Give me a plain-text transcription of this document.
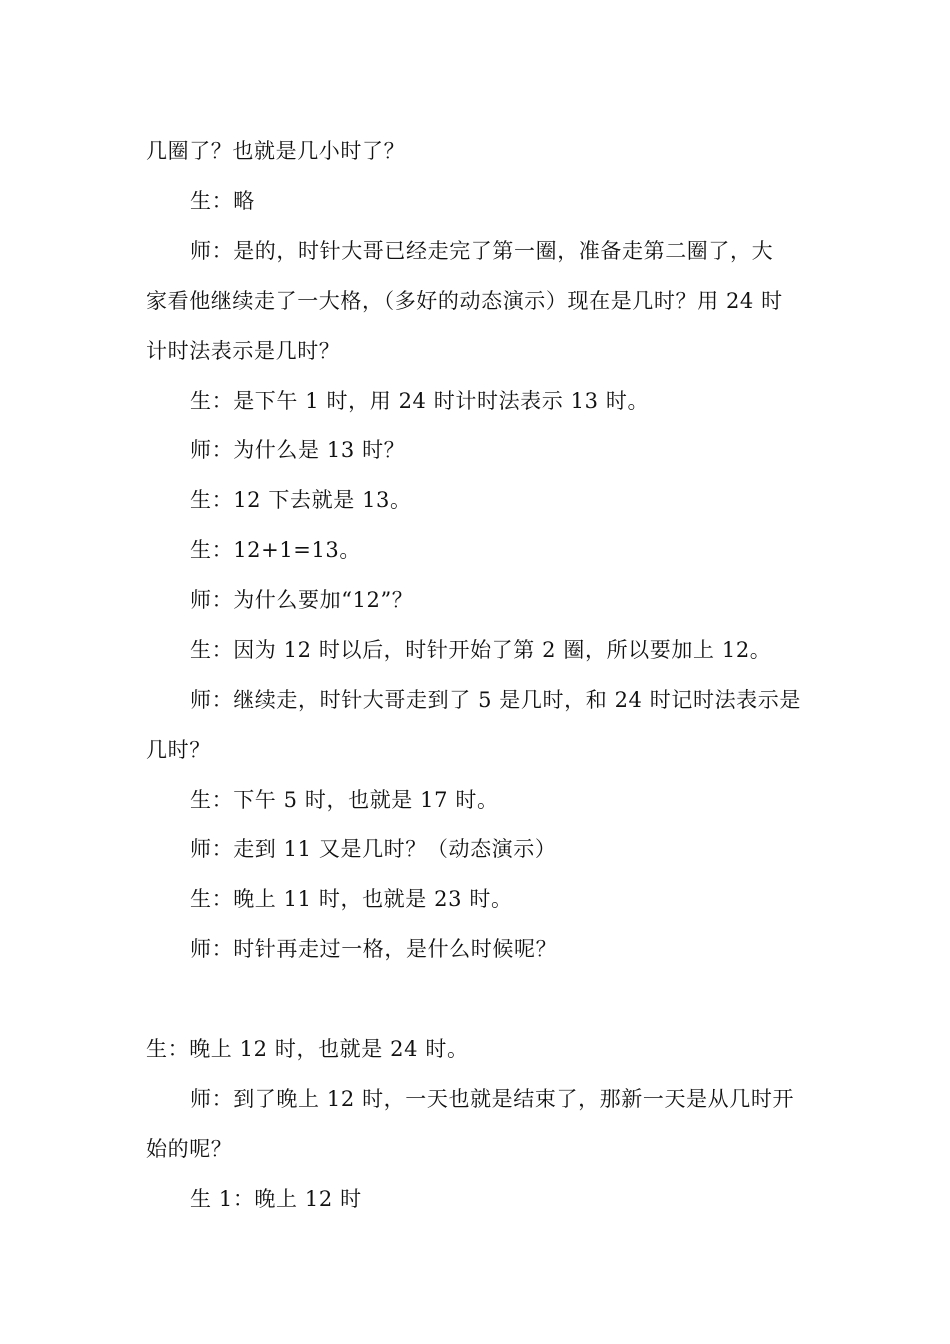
几圈了？也就是几小时了？
生：略
师：是的，时针大哥已经走完了第一圈，准备走第二圈了，大
家看他继续走了一大格，（多好的动态演示）现在是几时？用 24 时
计时法表示是几时？
生：是下午 1 时，用 24 时计时法表示 13 时。
师：为什么是 13 时？
生：12 下去就是 13。
生：12+1=13。
师：为什么要加“12”？
生：因为 12 时以后，时针开始了第 2 圈，所以要加上 12。
师：继续走，时针大哥走到了 5 是几时，和 24 时记时法表示是
几时？
生：下午 5 时，也就是 17 时。
师：走到 11 又是几时？（动态演示）
生：晚上 11 时，也就是 23 时。
师：时针再走过一格，是什么时候呢？
生：晚上 12 时，也就是 24 时。
师：到了晚上 12 时，一天也就是结束了，那新一天是从几时开
始的呢？
生 1：晚上 12 时
